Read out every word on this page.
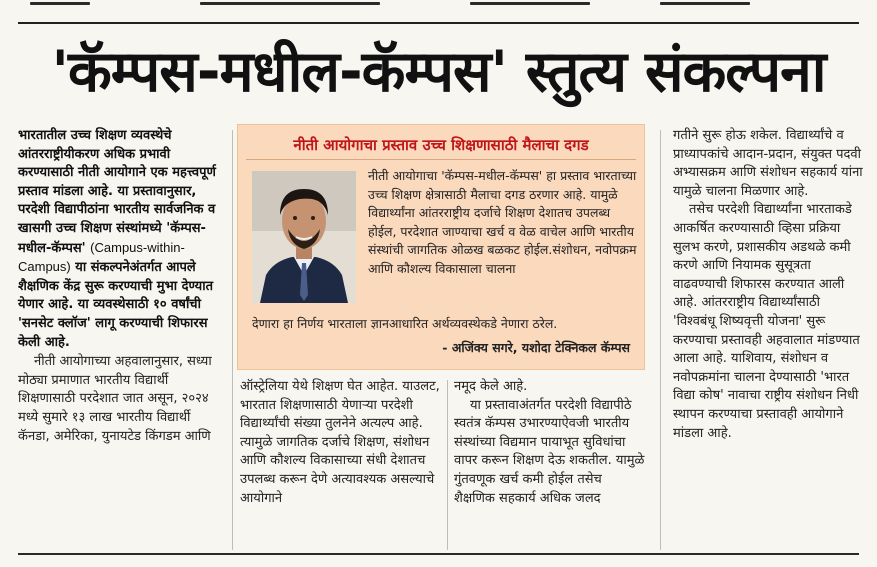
'कॅम्पस-मधील-कॅम्पस' स्तुत्य संकल्पना

भारतातील उच्च शिक्षण व्यवस्थेचे आंतरराष्ट्रीयीकरण अधिक प्रभावी करण्यासाठी नीती आयोगाने एक महत्त्वपूर्ण प्रस्ताव मांडला आहे. या प्रस्तावानुसार, परदेशी विद्यापीठांना भारतीय सार्वजनिक व खासगी उच्च शिक्षण संस्थांमध्ये 'कॅम्पस-मधील-कॅम्पस' (Campus-within-Campus) या संकल्पनेअंतर्गत आपले शैक्षणिक केंद्र सुरू करण्याची मुभा देण्यात येणार आहे. या व्यवस्थेसाठी १० वर्षांची 'सनसेट क्लॉज' लागू करण्याची शिफारस केली आहे.

नीती आयोगाच्या अहवालानुसार, सध्या मोठ्या प्रमाणात भारतीय विद्यार्थी शिक्षणासाठी परदेशात जात असून, २०२४ मध्ये सुमारे १३ लाख भारतीय विद्यार्थी कॅनडा, अमेरिका, युनायटेड किंगडम आणि

नीती आयोगाचा प्रस्ताव उच्च शिक्षणासाठी मैलाचा दगड
नीती आयोगाचा 'कॅम्पस-मधील-कॅम्पस' हा प्रस्ताव भारताच्या उच्च शिक्षण क्षेत्रासाठी मैलाचा दगड ठरणार आहे. यामुळे विद्यार्थ्यांना आंतरराष्ट्रीय दर्जाचे शिक्षण देशातच उपलब्ध होईल, परदेशात जाण्याचा खर्च व वेळ वाचेल आणि भारतीय संस्थांची जागतिक ओळख बळकट होईल.संशोधन, नवोपक्रम आणि कौशल्य विकासाला चालना
देणारा हा निर्णय भारताला ज्ञानआधारित अर्थव्यवस्थेकडे नेणारा ठरेल.
- अजिंक्य सगरे, यशोदा टेक्निकल कॅम्पस

ऑस्ट्रेलिया येथे शिक्षण घेत आहेत. याउलट, भारतात शिक्षणासाठी येणाऱ्या परदेशी विद्यार्थ्यांची संख्या तुलनेने अत्यल्प आहे. त्यामुळे जागतिक दर्जाचे शिक्षण, संशोधन आणि कौशल्य विकासाच्या संधी देशातच उपलब्ध करून देणे अत्यावश्यक असल्याचे आयोगाने

नमूद केले आहे.

या प्रस्तावाअंतर्गत परदेशी विद्यापीठे स्वतंत्र कॅम्पस उभारण्याऐवजी भारतीय संस्थांच्या विद्यमान पायाभूत सुविधांचा वापर करून शिक्षण देऊ शकतील. यामुळे गुंतवणूक खर्च कमी होईल तसेच शैक्षणिक सहकार्य अधिक जलद

गतीने सुरू होऊ शकेल. विद्यार्थ्यांचे व प्राध्यापकांचे आदान-प्रदान, संयुक्त पदवी अभ्यासक्रम आणि संशोधन सहकार्य यांना यामुळे चालना मिळणार आहे.

तसेच परदेशी विद्यार्थ्यांना भारताकडे आकर्षित करण्यासाठी व्हिसा प्रक्रिया सुलभ करणे, प्रशासकीय अडथळे कमी करणे आणि नियामक सुसूत्रता वाढवण्याची शिफारस करण्यात आली आहे. आंतरराष्ट्रीय विद्यार्थ्यांसाठी 'विश्वबंधू शिष्यवृत्ती योजना' सुरू करण्याचा प्रस्तावही अहवालात मांडण्यात आला आहे. याशिवाय, संशोधन व नवोपक्रमांना चालना देण्यासाठी 'भारत विद्या कोष' नावाचा राष्ट्रीय संशोधन निधी स्थापन करण्याचा प्रस्तावही आयोगाने मांडला आहे.
